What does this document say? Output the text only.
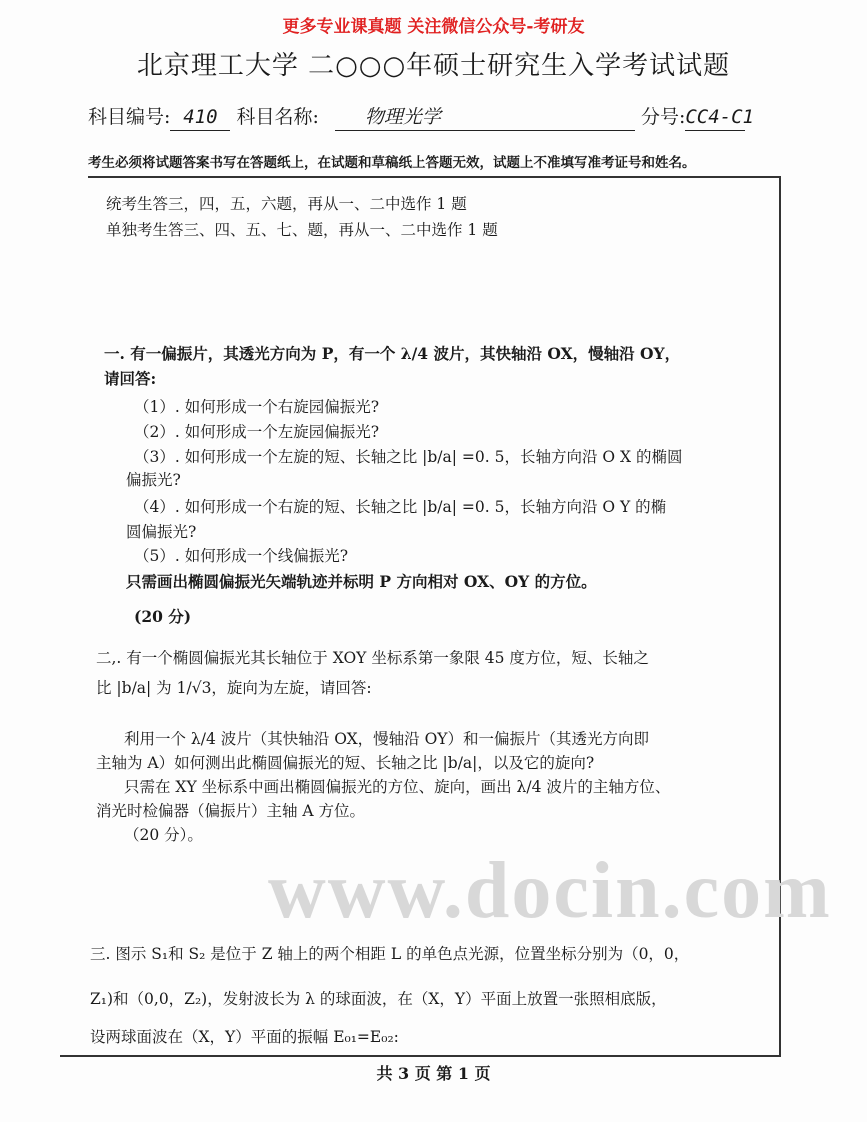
更多专业课真题 关注微信公众号-考研友
北京理工大学 二○○○年硕士研究生入学考试试题
科目编号: 410 科目名称: 物理光学	分号:CC4-C1
考生必须将试题答案书写在答题纸上，在试题和草稿纸上答题无效，试题上不准填写准考证号和姓名。
统考生答三，四，五，六题，再从一、二中选作 1 题
单独考生答三、四、五、七、题，再从一、二中选作 1 题
www.docin.com
一. 有一偏振片，其透光方向为 P，有一个 λ/4 波片，其快轴沿 OX，慢轴沿 OY，
请回答:
（1）. 如何形成一个右旋园偏振光?
（2）. 如何形成一个左旋园偏振光?
（3）. 如何形成一个左旋的短、长轴之比 |b/a| =0. 5，长轴方向沿 O X 的椭圆
偏振光?
（4）. 如何形成一个右旋的短、长轴之比 |b/a| =0. 5，长轴方向沿 O Y 的椭
圆偏振光?
（5）. 如何形成一个线偏振光?
只需画出椭圆偏振光矢端轨迹并标明 P 方向相对 OX、OY 的方位。
(20 分)
二,. 有一个椭圆偏振光其长轴位于 XOY 坐标系第一象限 45 度方位，短、长轴之
比 |b/a| 为 1/√3，旋向为左旋，请回答:
利用一个 λ/4 波片（其快轴沿 OX，慢轴沿 OY）和一偏振片（其透光方向即
主轴为 A）如何测出此椭圆偏振光的短、长轴之比 |b/a|，以及它的旋向?
只需在 XY 坐标系中画出椭圆偏振光的方位、旋向，画出 λ/4 波片的主轴方位、
消光时检偏器（偏振片）主轴 A 方位。
（20 分）。
三. 图示 S₁和 S₂ 是位于 Z 轴上的两个相距 L 的单色点光源，位置坐标分别为（0，0，
Z₁)和（0,0，Z₂)，发射波长为 λ 的球面波，在（X，Y）平面上放置一张照相底版，
设两球面波在（X，Y）平面的振幅 E₀₁=E₀₂:
共 3 页 第 1 页
